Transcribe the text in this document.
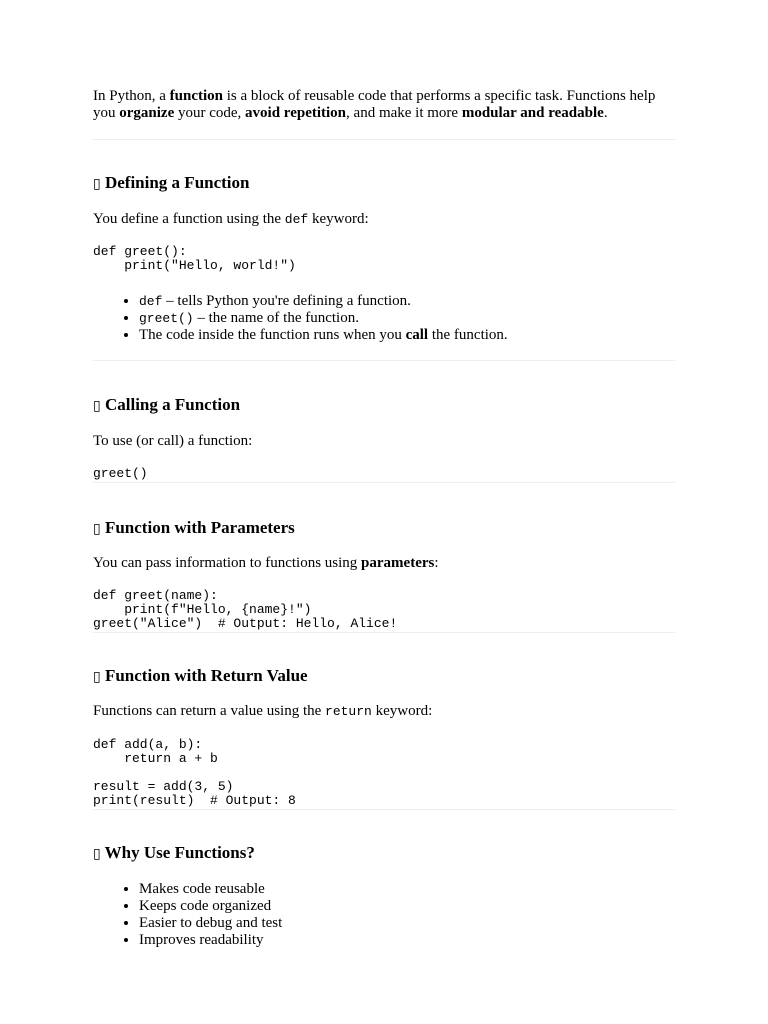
In Python, a function is a block of reusable code that performs a specific task. Functions help you organize your code, avoid repetition, and make it more modular and readable.

▯ Defining a Function

You define a function using the def keyword:

def greet():
print("Hello, world!")
• def – tells Python you're defining a function.
• greet() – the name of the function.
• The code inside the function runs when you call the function.
▯ Calling a Function

To use (or call) a function:

greet()
▯ Function with Parameters

You can pass information to functions using parameters:

def greet(name):
print(f"Hello, {name}!")
greet("Alice")  # Output: Hello, Alice!
▯ Function with Return Value

Functions can return a value using the return keyword:

def add(a, b):
return a + b

result = add(3, 5)
print(result)  # Output: 8
▯ Why Use Functions?
• Makes code reusable
• Keeps code organized
• Easier to debug and test
• Improves readability
